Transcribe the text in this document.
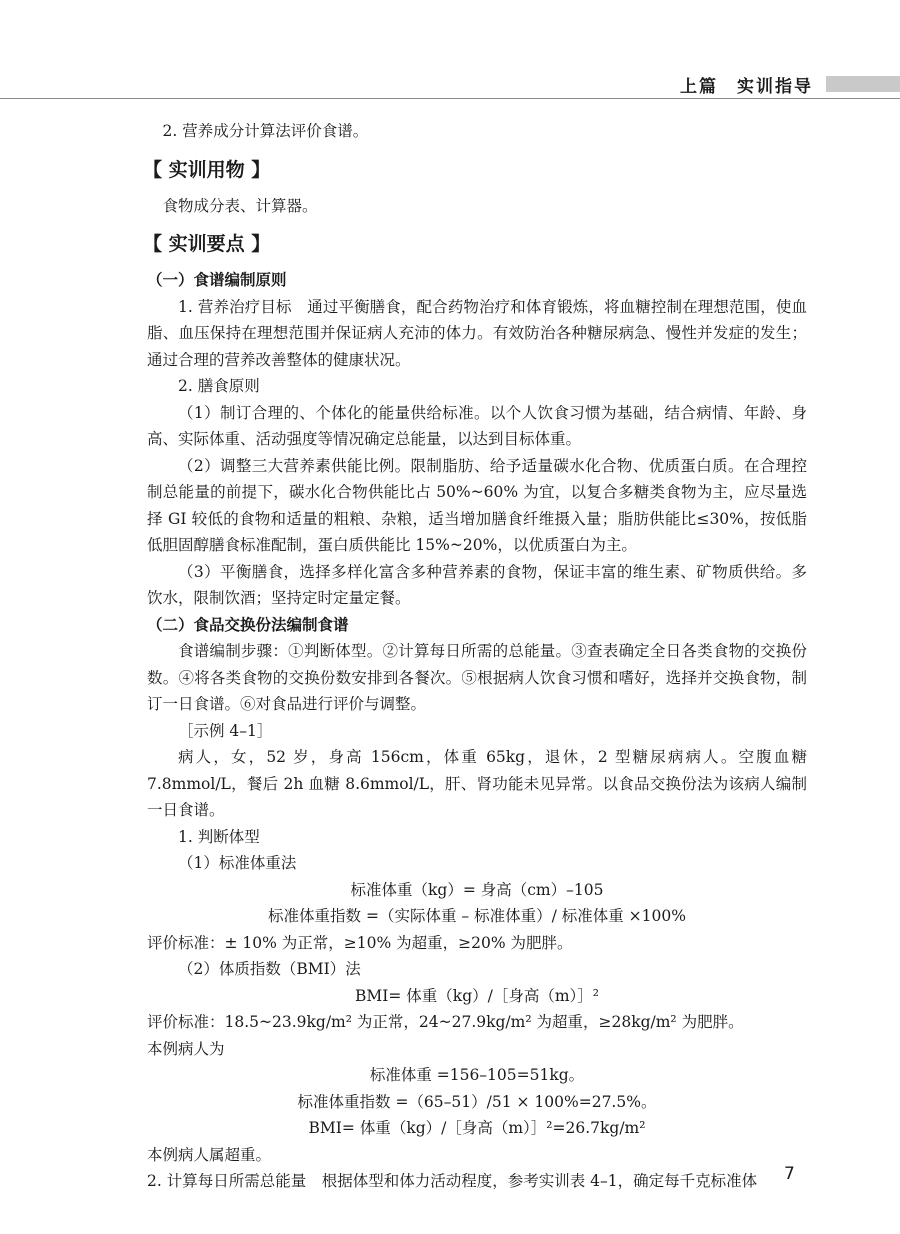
上篇　实训指导

2. 营养成分计算法评价食谱。

【 实训用物 】

食物成分表、计算器。

【 实训要点 】

（一）食谱编制原则

1. 营养治疗目标　通过平衡膳食，配合药物治疗和体育锻炼，将血糖控制在理想范围，使血脂、血压保持在理想范围并保证病人充沛的体力。有效防治各种糖尿病急、慢性并发症的发生；通过合理的营养改善整体的健康状况。

2. 膳食原则

（1）制订合理的、个体化的能量供给标准。以个人饮食习惯为基础，结合病情、年龄、身高、实际体重、活动强度等情况确定总能量，以达到目标体重。

（2）调整三大营养素供能比例。限制脂肪、给予适量碳水化合物、优质蛋白质。在合理控制总能量的前提下，碳水化合物供能比占 50%~60% 为宜，以复合多糖类食物为主，应尽量选择 GI 较低的食物和适量的粗粮、杂粮，适当增加膳食纤维摄入量；脂肪供能比≤30%，按低脂低胆固醇膳食标准配制，蛋白质供能比 15%~20%，以优质蛋白为主。

（3）平衡膳食，选择多样化富含多种营养素的食物，保证丰富的维生素、矿物质供给。多饮水，限制饮酒；坚持定时定量定餐。

（二）食品交换份法编制食谱

食谱编制步骤：①判断体型。②计算每日所需的总能量。③查表确定全日各类食物的交换份数。④将各类食物的交换份数安排到各餐次。⑤根据病人饮食习惯和嗜好，选择并交换食物，制订一日食谱。⑥对食品进行评价与调整。

［示例 4–1］

病人，女，52 岁，身高 156cm，体重 65kg，退休，2 型糖尿病病人。空腹血糖 7.8mmol/L，餐后 2h 血糖 8.6mmol/L，肝、肾功能未见异常。以食品交换份法为该病人编制一日食谱。

1. 判断体型

（1）标准体重法

标准体重（kg）= 身高（cm）–105

标准体重指数 =（实际体重 – 标准体重）/ 标准体重 ×100%

评价标准：± 10% 为正常，≥10% 为超重，≥20% 为肥胖。

（2）体质指数（BMI）法

BMI= 体重（kg）/［身高（m）］²

评价标准：18.5~23.9kg/m² 为正常，24~27.9kg/m² 为超重，≥28kg/m² 为肥胖。

本例病人为

标准体重 =156–105=51kg。

标准体重指数 =（65–51）/51 × 100%=27.5%。

BMI= 体重（kg）/［身高（m）］²=26.7kg/m²

本例病人属超重。

2. 计算每日所需总能量　根据体型和体力活动程度，参考实训表 4–1，确定每千克标准体	7
